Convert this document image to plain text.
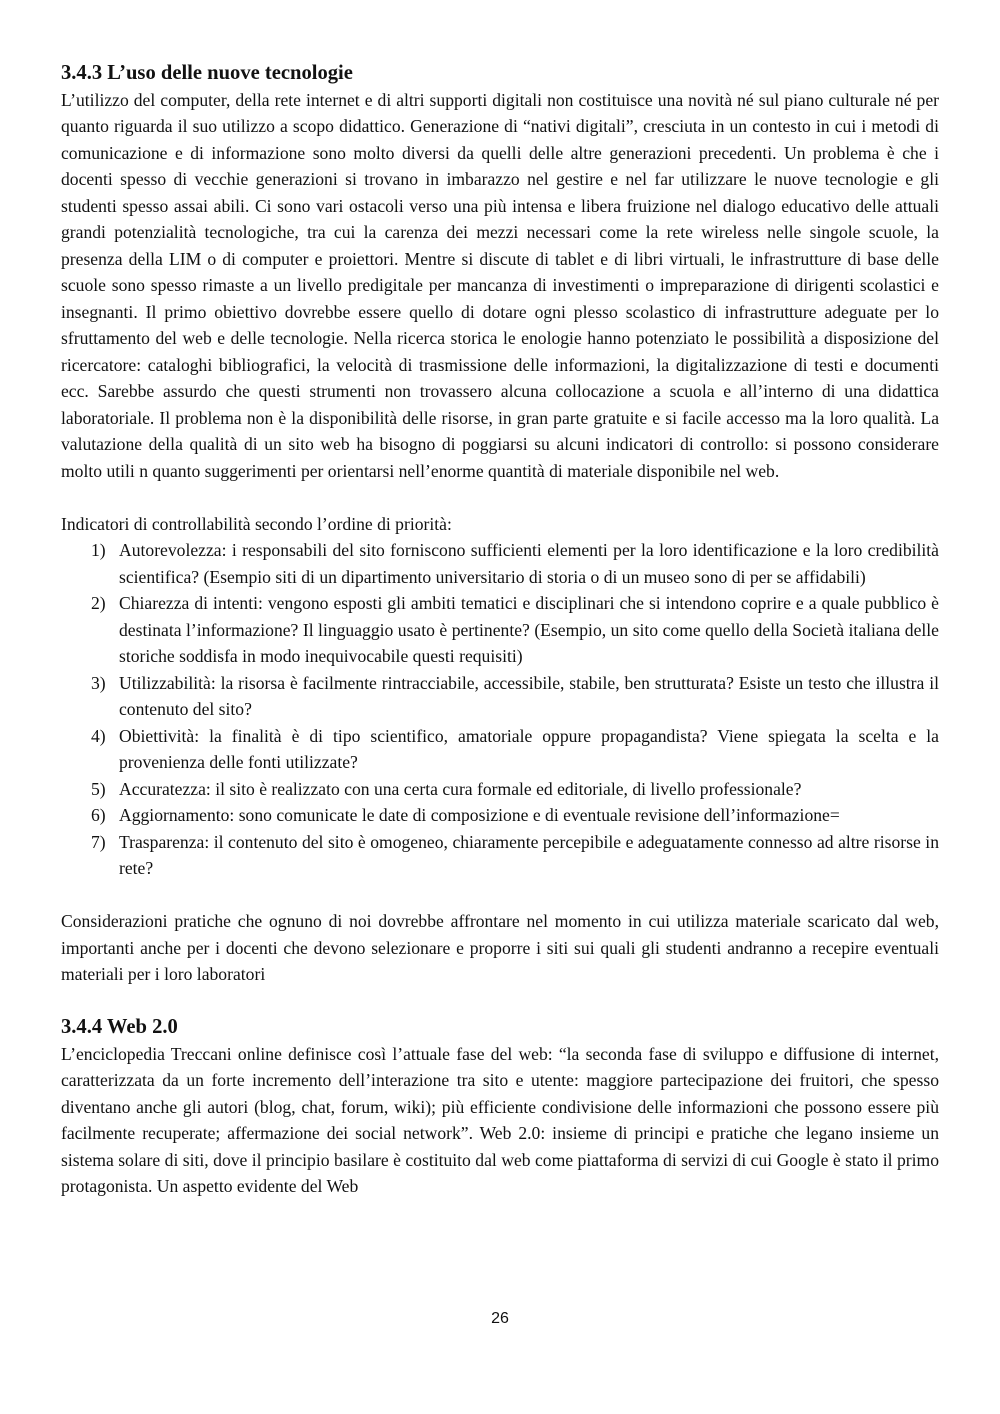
3.4.3 L’uso delle nuove tecnologie

L’utilizzo del computer, della rete internet e di altri supporti digitali non costituisce una novità né sul piano culturale né per quanto riguarda il suo utilizzo a scopo didattico. Generazione di “nativi digitali”, cresciuta in un contesto in cui i metodi di comunicazione e di informazione sono molto diversi da quelli delle altre generazioni precedenti. Un problema è che i docenti spesso di vecchie generazioni si trovano in imbarazzo nel gestire e nel far utilizzare le nuove tecnologie e gli studenti spesso assai abili. Ci sono vari ostacoli verso una più intensa e libera fruizione nel dialogo educativo delle attuali grandi potenzialità tecnologiche, tra cui la carenza dei mezzi necessari come la rete wireless nelle singole scuole, la presenza della LIM o di computer e proiettori. Mentre si discute di tablet e di libri virtuali, le infrastrutture di base delle scuole sono spesso rimaste a un livello predigitale per mancanza di investimenti o impreparazione di dirigenti scolastici e insegnanti. Il primo obiettivo dovrebbe essere quello di dotare ogni plesso scolastico di infrastrutture adeguate per lo sfruttamento del web e delle tecnologie. Nella ricerca storica le enologie hanno potenziato le possibilità a disposizione del ricercatore: cataloghi bibliografici, la velocità di trasmissione delle informazioni, la digitalizzazione di testi e documenti ecc. Sarebbe assurdo che questi strumenti non trovassero alcuna collocazione a scuola e all’interno di una didattica laboratoriale. Il problema non è la disponibilità delle risorse, in gran parte gratuite e si facile accesso ma la loro qualità. La valutazione della qualità di un sito web ha bisogno di poggiarsi su alcuni indicatori di controllo: si possono considerare molto utili n quanto suggerimenti per orientarsi nell’enorme quantità di materiale disponibile nel web.

Indicatori di controllabilità secondo l’ordine di priorità:

1) Autorevolezza: i responsabili del sito forniscono sufficienti elementi per la loro identificazione e la loro credibilità scientifica? (Esempio siti di un dipartimento universitario di storia o di un museo sono di per se affidabili)
2) Chiarezza di intenti: vengono esposti gli ambiti tematici e disciplinari che si intendono coprire e a quale pubblico è destinata l’informazione? Il linguaggio usato è pertinente? (Esempio, un sito come quello della Società italiana delle storiche soddisfa in modo inequivocabile questi requisiti)
3) Utilizzabilità: la risorsa è facilmente rintracciabile, accessibile, stabile, ben strutturata? Esiste un testo che illustra il contenuto del sito?
4) Obiettività: la finalità è di tipo scientifico, amatoriale oppure propagandista? Viene spiegata la scelta e la provenienza delle fonti utilizzate?
5) Accuratezza: il sito è realizzato con una certa cura formale ed editoriale, di livello professionale?
6) Aggiornamento: sono comunicate le date di composizione e di eventuale revisione dell’informazione=
7) Trasparenza: il contenuto del sito è omogeneo, chiaramente percepibile e adeguatamente connesso ad altre risorse in rete?

Considerazioni pratiche che ognuno di noi dovrebbe affrontare nel momento in cui utilizza materiale scaricato dal web, importanti anche per i docenti che devono selezionare e proporre i siti sui quali gli studenti andranno a recepire eventuali materiali per i loro laboratori

3.4.4 Web 2.0

L’enciclopedia Treccani online definisce così l’attuale fase del web: “la seconda fase di sviluppo e diffusione di internet, caratterizzata da un forte incremento dell’interazione tra sito e utente: maggiore partecipazione dei fruitori, che spesso diventano anche gli autori (blog, chat, forum, wiki); più efficiente condivisione delle informazioni che possono essere più facilmente recuperate; affermazione dei social network”. Web 2.0: insieme di principi e pratiche che legano insieme un sistema solare di siti, dove il principio basilare è costituito dal web come piattaforma di servizi di cui Google è stato il primo protagonista. Un aspetto evidente del Web

26
